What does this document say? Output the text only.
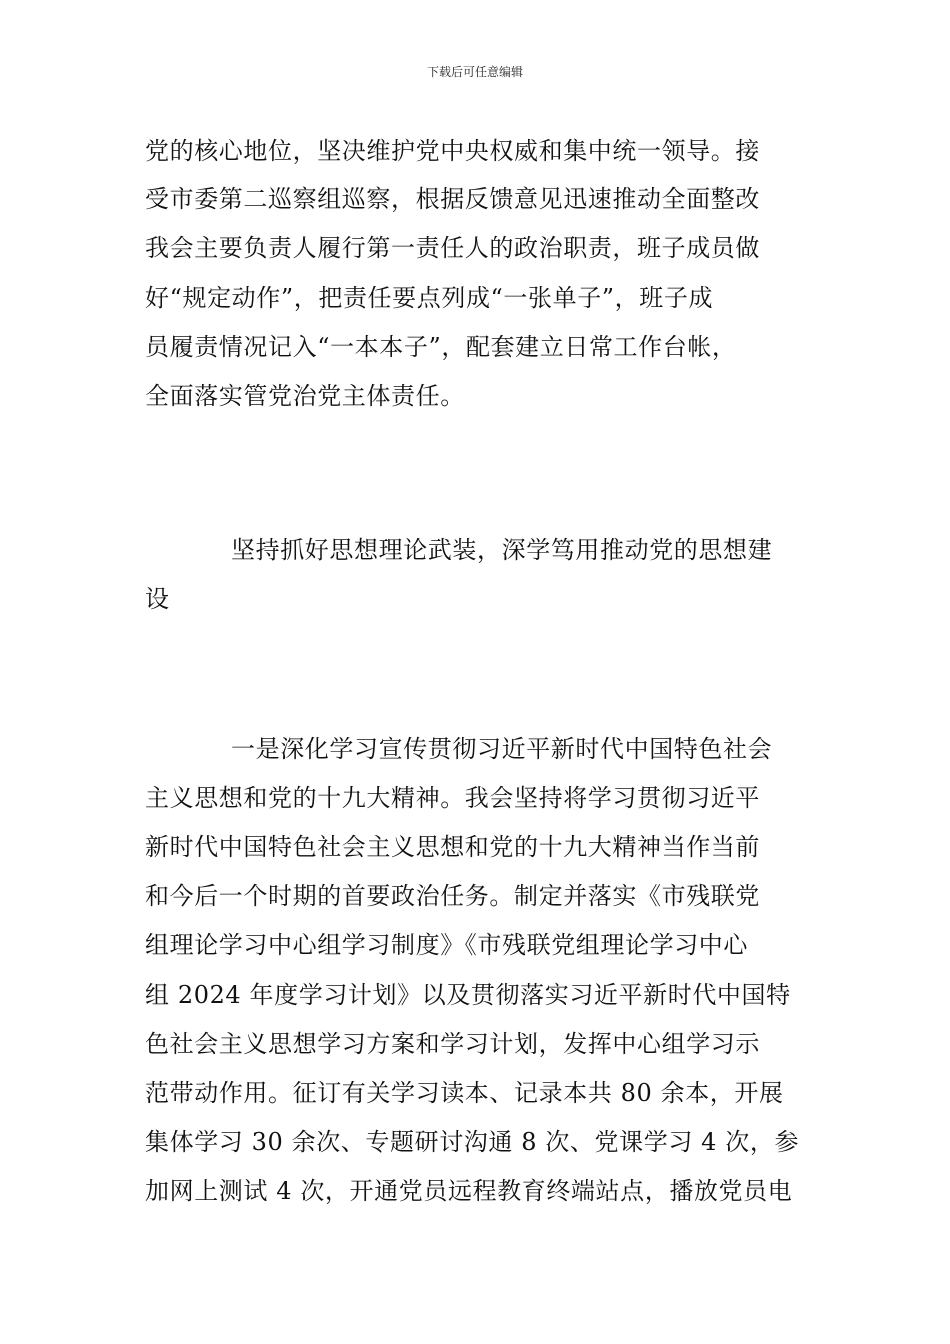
下载后可任意编辑
党的核心地位，坚决维护党中央权威和集中统一领导。接
受市委第二巡察组巡察，根据反馈意见迅速推动全面整改
我会主要负责人履行第一责任人的政治职责，班子成员做
好“规定动作”，把责任要点列成“一张单子”，班子成
员履责情况记入“一本本子”，配套建立日常工作台帐，
全面落实管党治党主体责任。
坚持抓好思想理论武装，深学笃用推动党的思想建
设
一是深化学习宣传贯彻习近平新时代中国特色社会
主义思想和党的十九大精神。我会坚持将学习贯彻习近平
新时代中国特色社会主义思想和党的十九大精神当作当前
和今后一个时期的首要政治任务。制定并落实《市残联党
组理论学习中心组学习制度》《市残联党组理论学习中心
组 2024 年度学习计划》以及贯彻落实习近平新时代中国特
色社会主义思想学习方案和学习计划，发挥中心组学习示
范带动作用。征订有关学习读本、记录本共 80 余本，开展
集体学习 30 余次、专题研讨沟通 8 次、党课学习 4 次，参
加网上测试 4 次，开通党员远程教育终端站点，播放党员电
